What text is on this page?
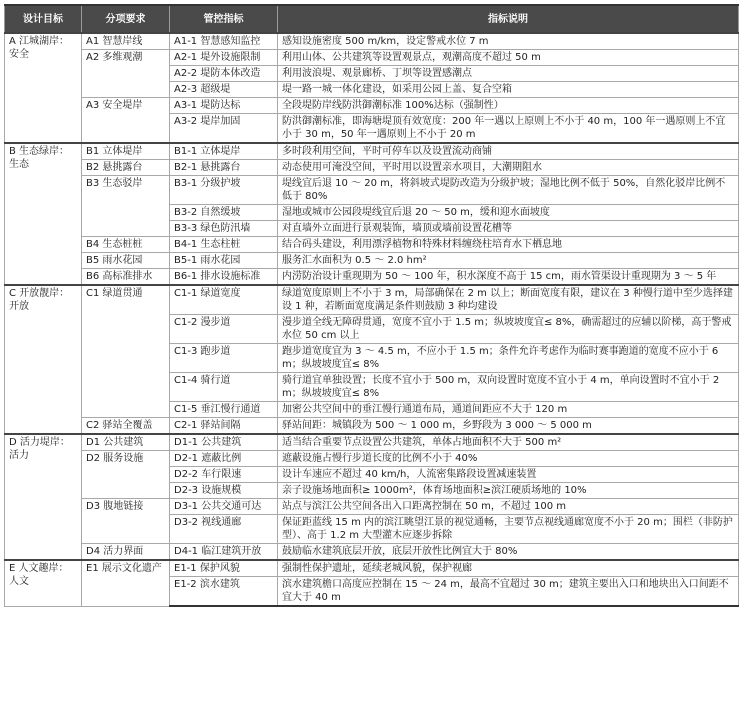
设计目标	分项要求	管控指标	指标说明
A 江城湖岸：安全	A1 智慧岸线	A1-1 智慧感知监控	感知设施密度 500 m/km，设定警戒水位 7 m
	A2 多维观潮	A2-1 堤外设施限制	利用山体、公共建筑等设置观景点，观潮高度不超过 50 m
		A2-2 堤防本体改造	利用波浪堤、观景廊桥、丁坝等设置感潮点
		A2-3 超级堤	堤一路一城一体化建设，如采用公园上盖、复合空箱
	A3 安全堤岸	A3-1 堤防达标	全段堤防岸线防洪御潮标准 100%达标（强制性）
		A3-2 堤岸加固	防洪御潮标准，即海塘堤顶有效宽度：200 年一遇以上原则上不小于 40 m，100 年一遇原则上不宜小于 30 m，50 年一遇原则上不小于 20 m
B 生态绿岸：生态	B1 立体堤岸	B1-1 立体堤岸	多时段利用空间，平时可停车以及设置流动商铺
	B2 悬挑露台	B2-1 悬挑露台	动态使用可淹没空间，平时用以设置亲水项目，大潮期阻水
	B3 生态驳岸	B3-1 分级护坡	堤线宜后退 10 ～ 20 m，将斜坡式堤防改造为分级护坡；湿地比例不低于 50%，自然化驳岸比例不低于 80%
		B3-2 自然缓坡	湿地或城市公园段堤线宜后退 20 ～ 50 m，缓和迎水面坡度
		B3-3 绿色防汛墙	对直墙外立面进行景观装饰，墙顶或墙前设置花槽等
	B4 生态桩桩	B4-1 生态柱桩	结合码头建设，利用漂浮植物和特殊材料缠绕柱培育水下栖息地
	B5 雨水花园	B5-1 雨水花园	服务汇水面积为 0.5 ～ 2.0 hm²
	B6 高标准排水	B6-1 排水设施标准	内涝防治设计重现期为 50 ～ 100 年，积水深度不高于 15 cm，雨水管渠设计重现期为 3 ～ 5 年
C 开放靓岸：开放	C1 绿道贯通	C1-1 绿道宽度	绿道宽度原则上不小于 3 m，局部确保在 2 m 以上；断面宽度有限，建议在 3 种慢行道中至少选择建设 1 种，若断面宽度满足条件则鼓励 3 种均建设
		C1-2 漫步道	漫步道全线无障碍贯通，宽度不宜小于 1.5 m；纵坡坡度宜≤ 8%，确需超过的应辅以阶梯，高于警戒水位 50 cm 以上
		C1-3 跑步道	跑步道宽度宜为 3 ～ 4.5 m，不应小于 1.5 m；条件允许考虑作为临时赛事跑道的宽度不应小于 6 m；纵坡坡度宜≤ 8%
		C1-4 骑行道	骑行道宜单独设置；长度不宜小于 500 m，双向设置时宽度不宜小于 4 m，单向设置时不宜小于 2 m；纵坡坡度宜≤ 8%
		C1-5 垂江慢行通道	加密公共空间中的垂江慢行通道布局，通道间距应不大于 120 m
	C2 驿站全覆盖	C2-1 驿站间隔	驿站间距：城镇段为 500 ～ 1 000 m，乡野段为 3 000 ～ 5 000 m
D 活力堤岸：活力	D1 公共建筑	D1-1 公共建筑	适当结合重要节点设置公共建筑，单体占地面积不大于 500 m²
	D2 服务设施	D2-1 遮蔽比例	遮蔽设施占慢行步道长度的比例不小于 40%
		D2-2 车行限速	设计车速应不超过 40 km/h，人流密集路段设置减速装置
		D2-3 设施规模	亲子设施场地面积≥ 1000m²，体育场地面积≥滨江硬质场地的 10%
	D3 腹地链接	D3-1 公共交通可达	站点与滨江公共空间各出入口距离控制在 50 m，不超过 100 m
		D3-2 视线通廊	保证距蓝线 15 m 内的滨江眺望江景的视觉通畅，主要节点视线通廊宽度不小于 20 m；围栏（非防护型）、高于 1.2 m 大型灌木应逐步拆除
	D4 活力界面	D4-1 临江建筑开放	鼓励临水建筑底层开放，底层开放性比例宜大于 80%
E 人文趣岸：人文	E1 展示文化遗产	E1-1 保护风貌	强制性保护遗址，延续老城风貌，保护视廊
		E1-2 滨水建筑	滨水建筑檐口高度应控制在 15 ～ 24 m，最高不宜超过 30 m；建筑主要出入口和地块出入口间距不宜大于 40 m
